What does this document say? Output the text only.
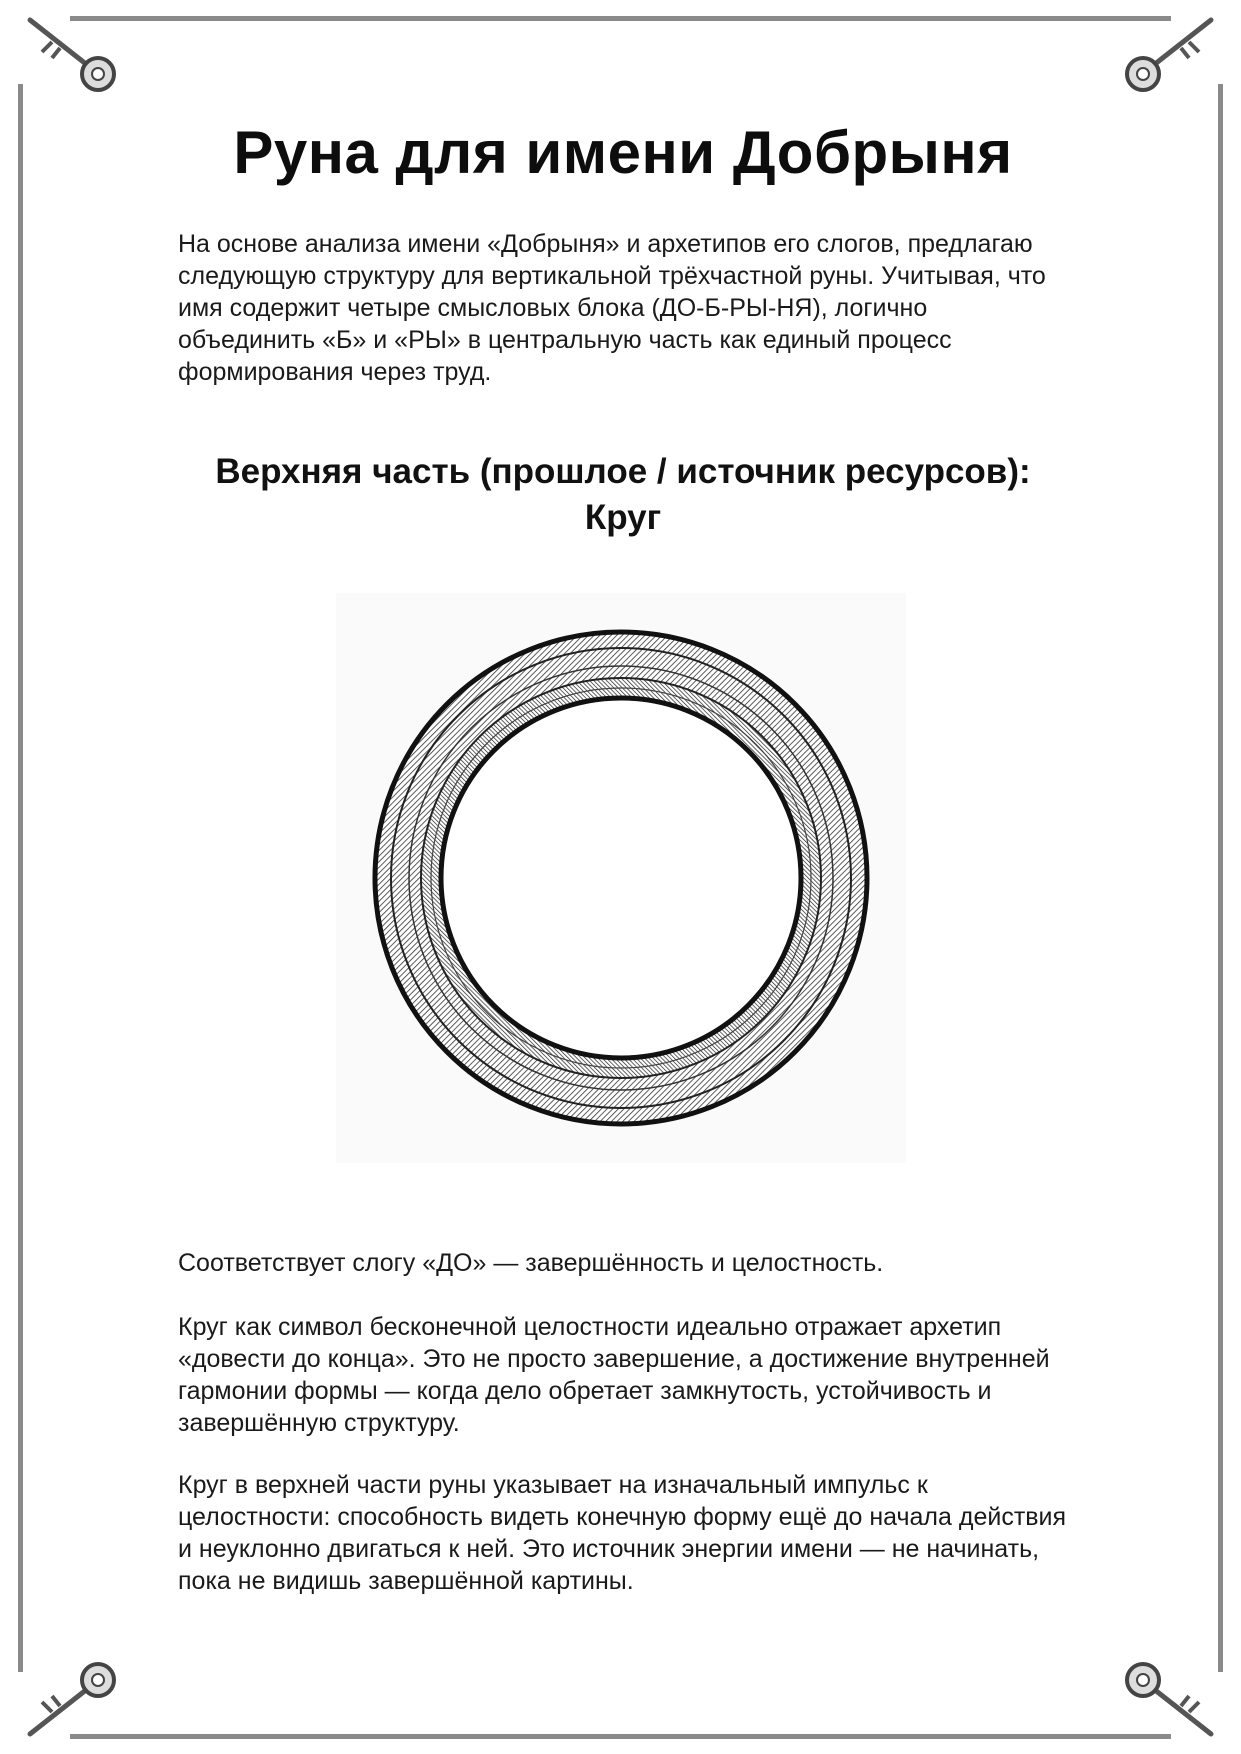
Руна для имени Добрыня

На основе анализа имени «Добрыня» и архетипов его слогов, предлагаю следующую структуру для вертикальной трёхчастной руны. Учитывая, что имя содержит четыре смысловых блока (ДО-Б-РЫ-НЯ), логично объединить «Б» и «РЫ» в центральную часть как единый процесс формирования через труд.

Верхняя часть (прошлое / источник ресурсов): Круг

Соответствует слогу «ДО» — завершённость и целостность.

Круг как символ бесконечной целостности идеально отражает архетип «довести до конца». Это не просто завершение, а достижение внутренней гармонии формы — когда дело обретает замкнутость, устойчивость и завершённую структуру.

Круг в верхней части руны указывает на изначальный импульс к целостности: способность видеть конечную форму ещё до начала действия и неуклонно двигаться к ней. Это источник энергии имени — не начинать, пока не видишь завершённой картины.
